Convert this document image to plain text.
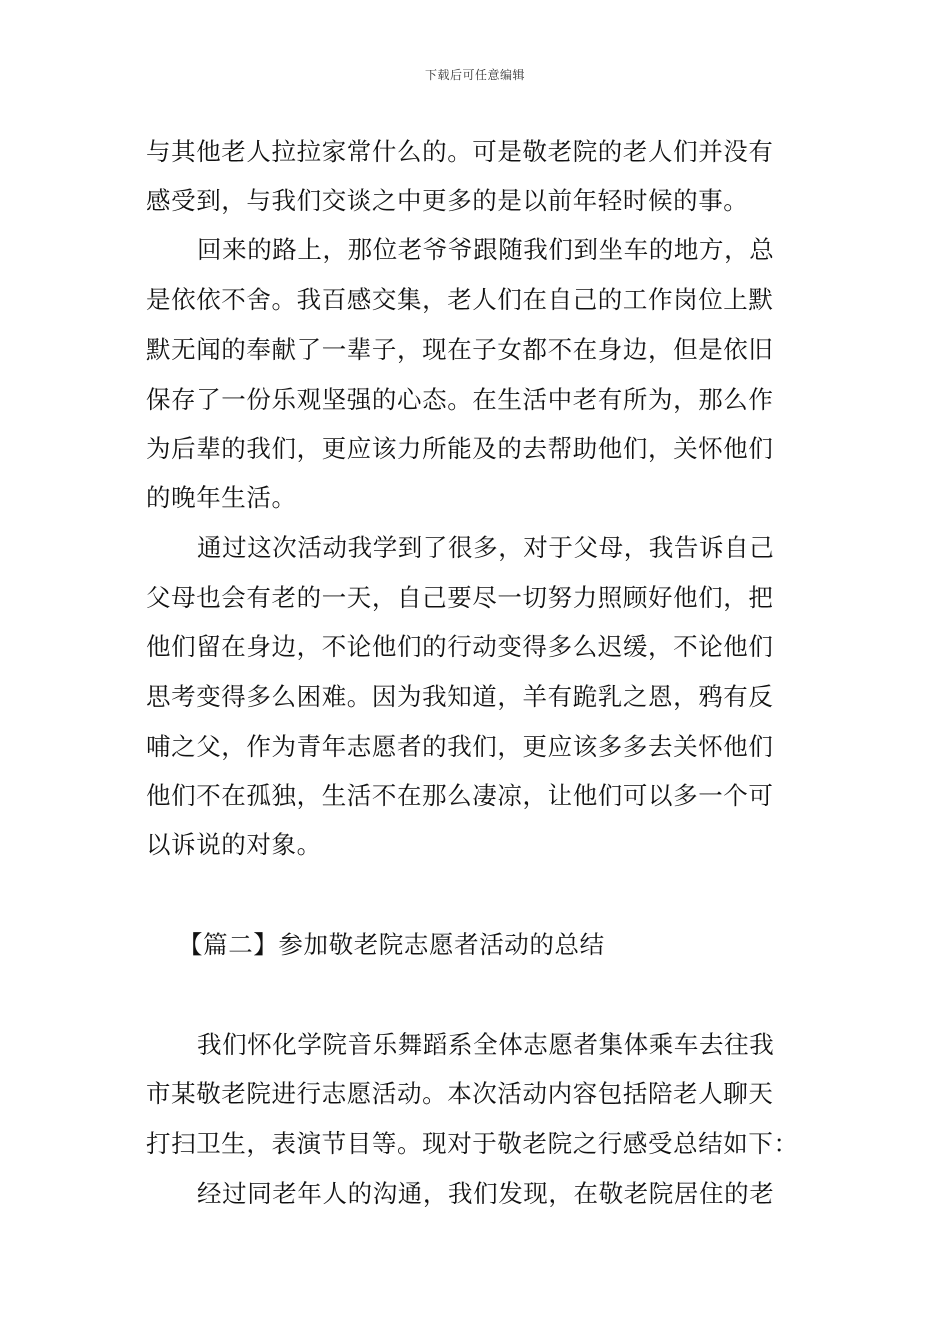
下载后可任意编辑
与其他老人拉拉家常什么的。可是敬老院的老人们并没有
感受到，与我们交谈之中更多的是以前年轻时候的事。
回来的路上，那位老爷爷跟随我们到坐车的地方，总
是依依不舍。我百感交集，老人们在自己的工作岗位上默
默无闻的奉献了一辈子，现在子女都不在身边，但是依旧
保存了一份乐观坚强的心态。在生活中老有所为，那么作
为后辈的我们，更应该力所能及的去帮助他们，关怀他们
的晚年生活。
通过这次活动我学到了很多，对于父母，我告诉自己
父母也会有老的一天，自己要尽一切努力照顾好他们，把
他们留在身边，不论他们的行动变得多么迟缓，不论他们
思考变得多么困难。因为我知道，羊有跪乳之恩，鸦有反
哺之父，作为青年志愿者的我们，更应该多多去关怀他们
他们不在孤独，生活不在那么凄凉，让他们可以多一个可
以诉说的对象。
【篇二】参加敬老院志愿者活动的总结
我们怀化学院音乐舞蹈系全体志愿者集体乘车去往我
市某敬老院进行志愿活动。本次活动内容包括陪老人聊天
打扫卫生，表演节目等。现对于敬老院之行感受总结如下：
经过同老年人的沟通，我们发现，在敬老院居住的老
